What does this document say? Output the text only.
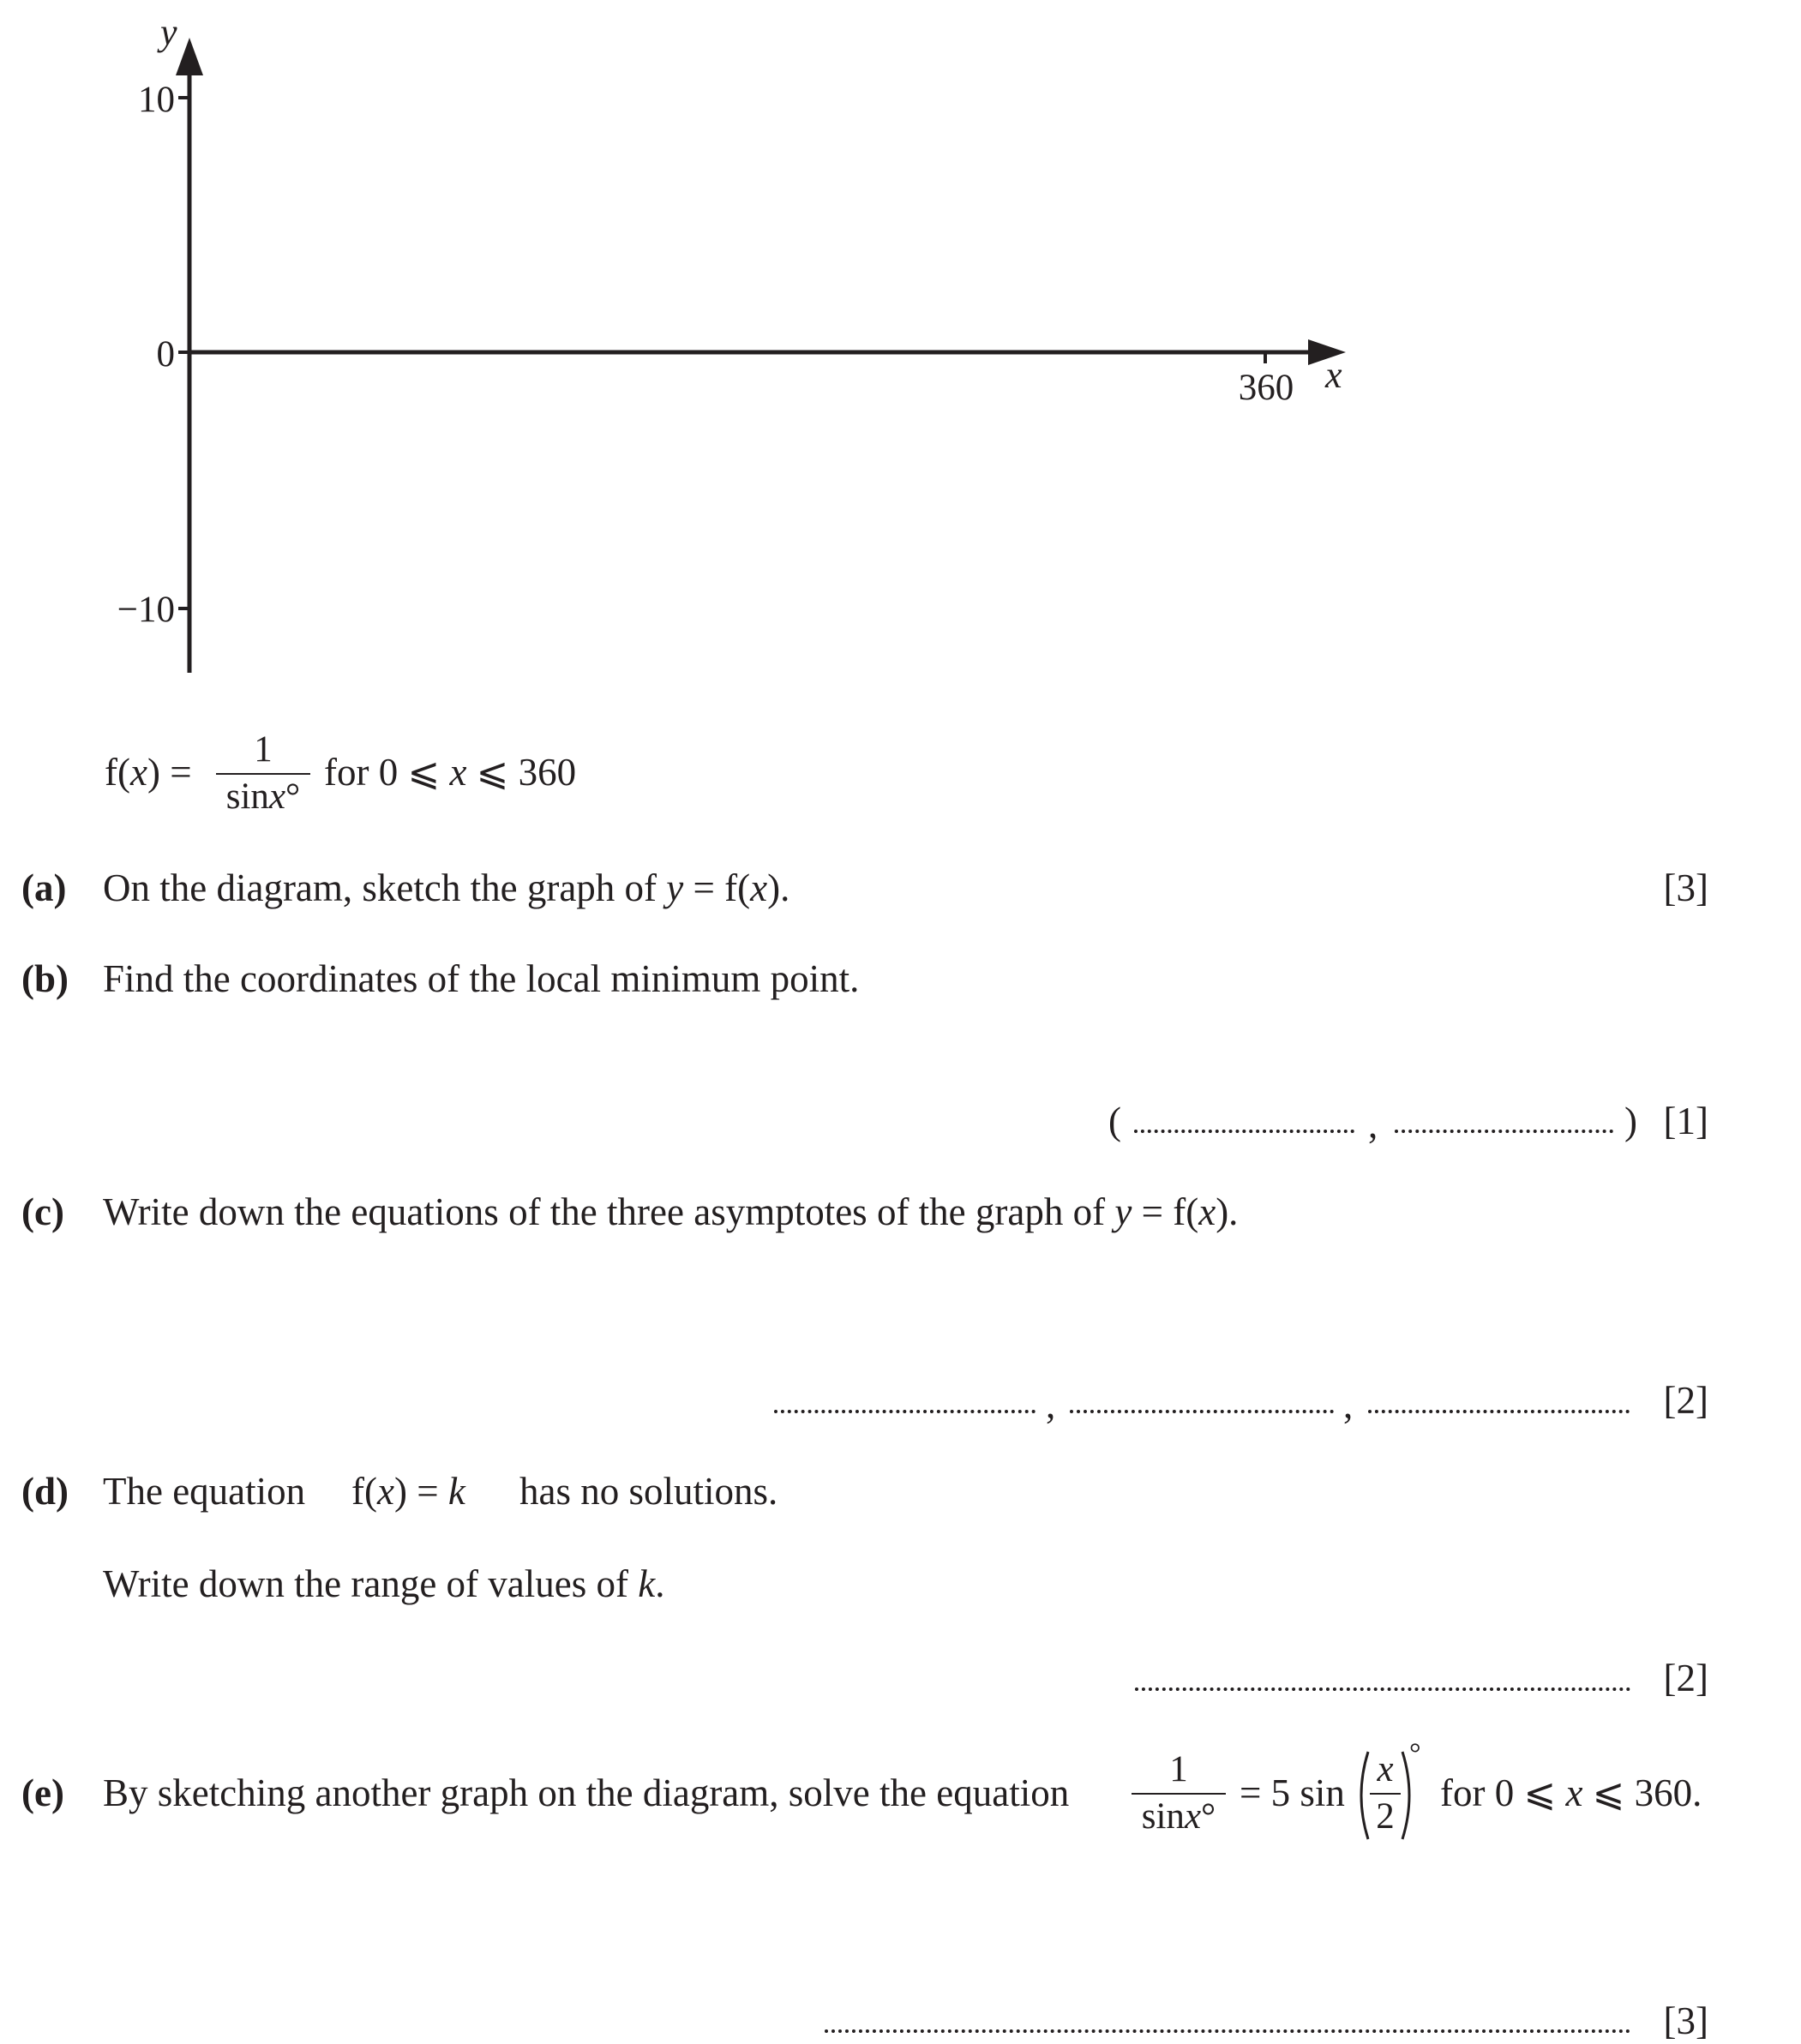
y
10
0
−10
360 x
f(x) =
1
sinx°
for 0 ⩽ x ⩽ 360
(a) On the diagram, sketch the graph of y = f(x).	[3]
(b) Find the coordinates of the local minimum point.
(	,	) [1]
(c) Write down the equations of the three asymptotes of the graph of y = f(x).
,	,	[2]
(d) The equation f(x) = k has no solutions.
Write down the range of values of k.
[2]
(e) By sketching another graph on the diagram, solve the equation
1
sinx°
= 5 sin
x
2
°
for 0 ⩽ x ⩽ 360.
[3]
